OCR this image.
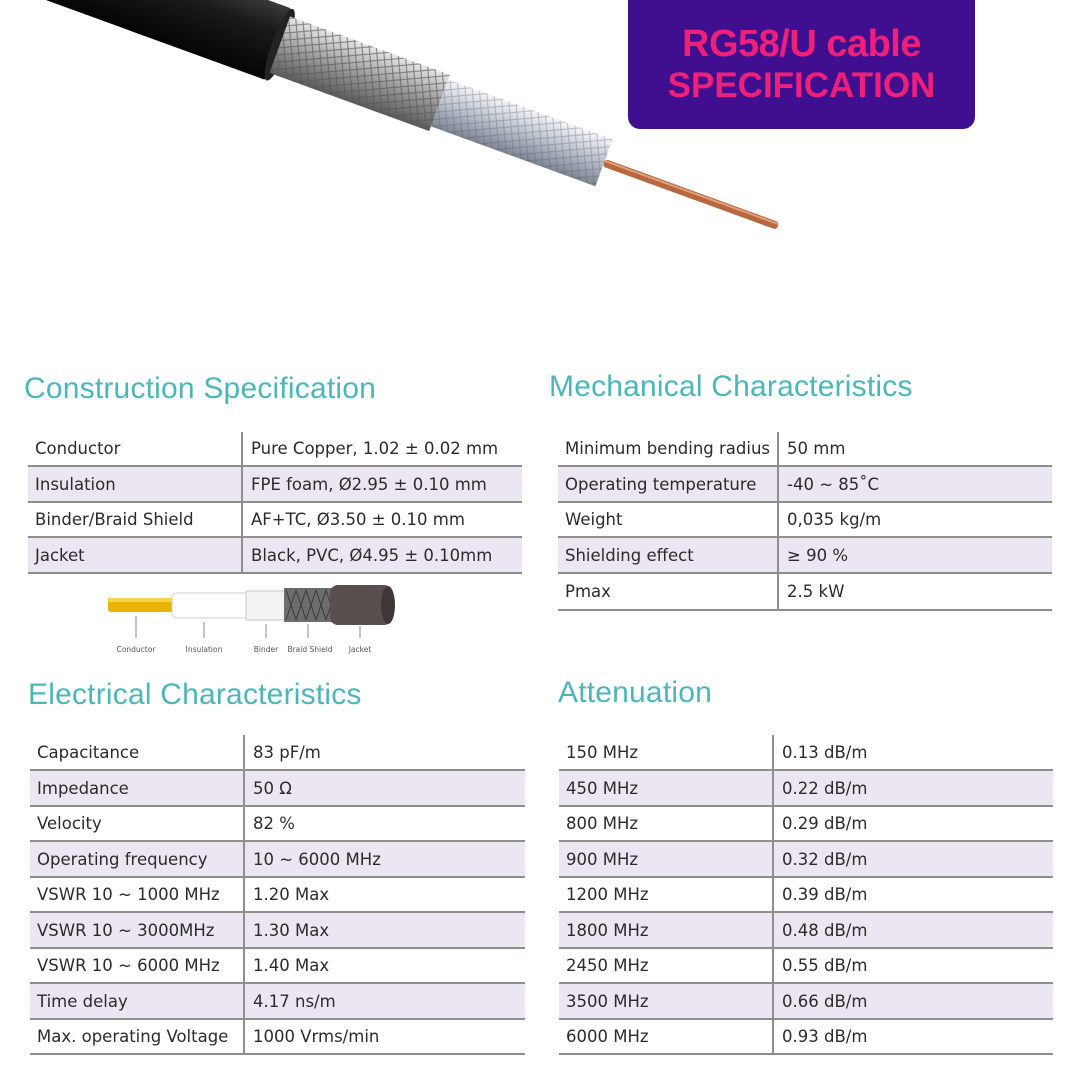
RG58/U cable
SPECIFICATION
Construction Specification
Conductor	Pure Copper, 1.02 ± 0.02 mm
Insulation	FPE foam, Ø2.95 ± 0.10 mm
Binder/Braid Shield	AF+TC, Ø3.50 ± 0.10 mm
Jacket	Black, PVC, Ø4.95 ± 0.10mm
Conductor	Insulation	Binder Braid Shield Jacket
Mechanical Characteristics
Minimum bending radius	50 mm
Operating temperature	-40 ~ 85˚C
Weight	0,035 kg/m
Shielding effect	≥ 90 %
Pmax	2.5 kW
Electrical Characteristics
Capacitance	83 pF/m
Impedance	50 Ω
Velocity	82 %
Operating frequency	10 ~ 6000 MHz
VSWR 10 ~ 1000 MHz	1.20 Max
VSWR 10 ~ 3000MHz	1.30 Max
VSWR 10 ~ 6000 MHz	1.40 Max
Time delay	4.17 ns/m
Max. operating Voltage	1000 Vrms/min
Attenuation
150 MHz	0.13 dB/m
450 MHz	0.22 dB/m
800 MHz	0.29 dB/m
900 MHz	0.32 dB/m
1200 MHz	0.39 dB/m
1800 MHz	0.48 dB/m
2450 MHz	0.55 dB/m
3500 MHz	0.66 dB/m
6000 MHz	0.93 dB/m
